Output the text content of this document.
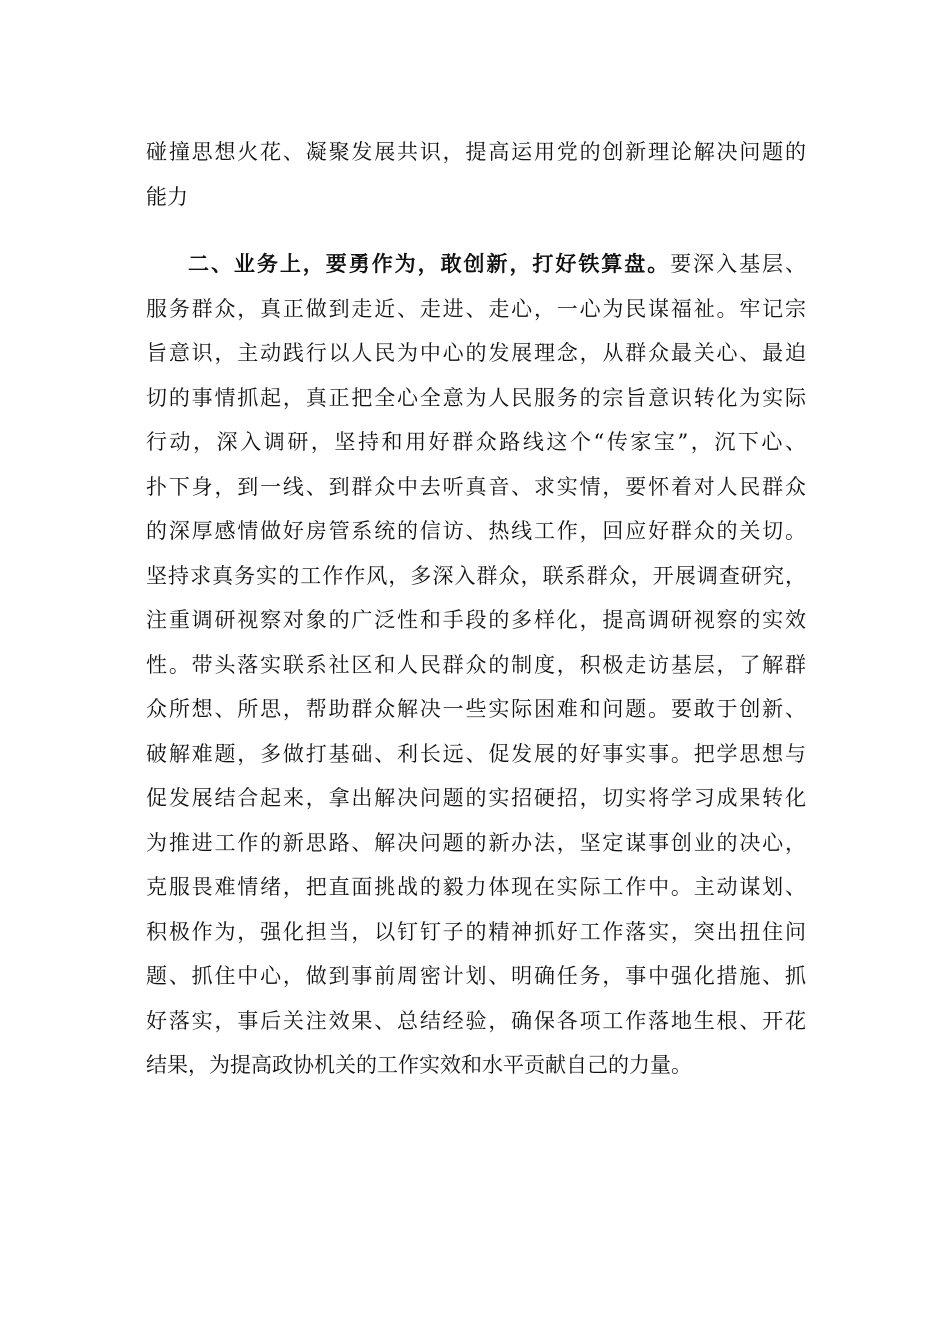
碰撞思想火花、凝聚发展共识，提高运用党的创新理论解决问题的
能力
二、业务上，要勇作为，敢创新，打好铁算盘。要深入基层、
服务群众，真正做到走近、走进、走心，一心为民谋福祉。牢记宗
旨意识，主动践行以人民为中心的发展理念，从群众最关心、最迫
切的事情抓起，真正把全心全意为人民服务的宗旨意识转化为实际
行动，深入调研，坚持和用好群众路线这个“传家宝”，沉下心、
扑下身，到一线、到群众中去听真音、求实情，要怀着对人民群众
的深厚感情做好房管系统的信访、热线工作，回应好群众的关切。
坚持求真务实的工作作风，多深入群众，联系群众，开展调查研究，
注重调研视察对象的广泛性和手段的多样化，提高调研视察的实效
性。带头落实联系社区和人民群众的制度，积极走访基层，了解群
众所想、所思，帮助群众解决一些实际困难和问题。要敢于创新、
破解难题，多做打基础、利长远、促发展的好事实事。把学思想与
促发展结合起来，拿出解决问题的实招硬招，切实将学习成果转化
为推进工作的新思路、解决问题的新办法，坚定谋事创业的决心，
克服畏难情绪，把直面挑战的毅力体现在实际工作中。主动谋划、
积极作为，强化担当，以钉钉子的精神抓好工作落实，突出扭住问
题、抓住中心，做到事前周密计划、明确任务，事中强化措施、抓
好落实，事后关注效果、总结经验，确保各项工作落地生根、开花
结果，为提高政协机关的工作实效和水平贡献自己的力量。
